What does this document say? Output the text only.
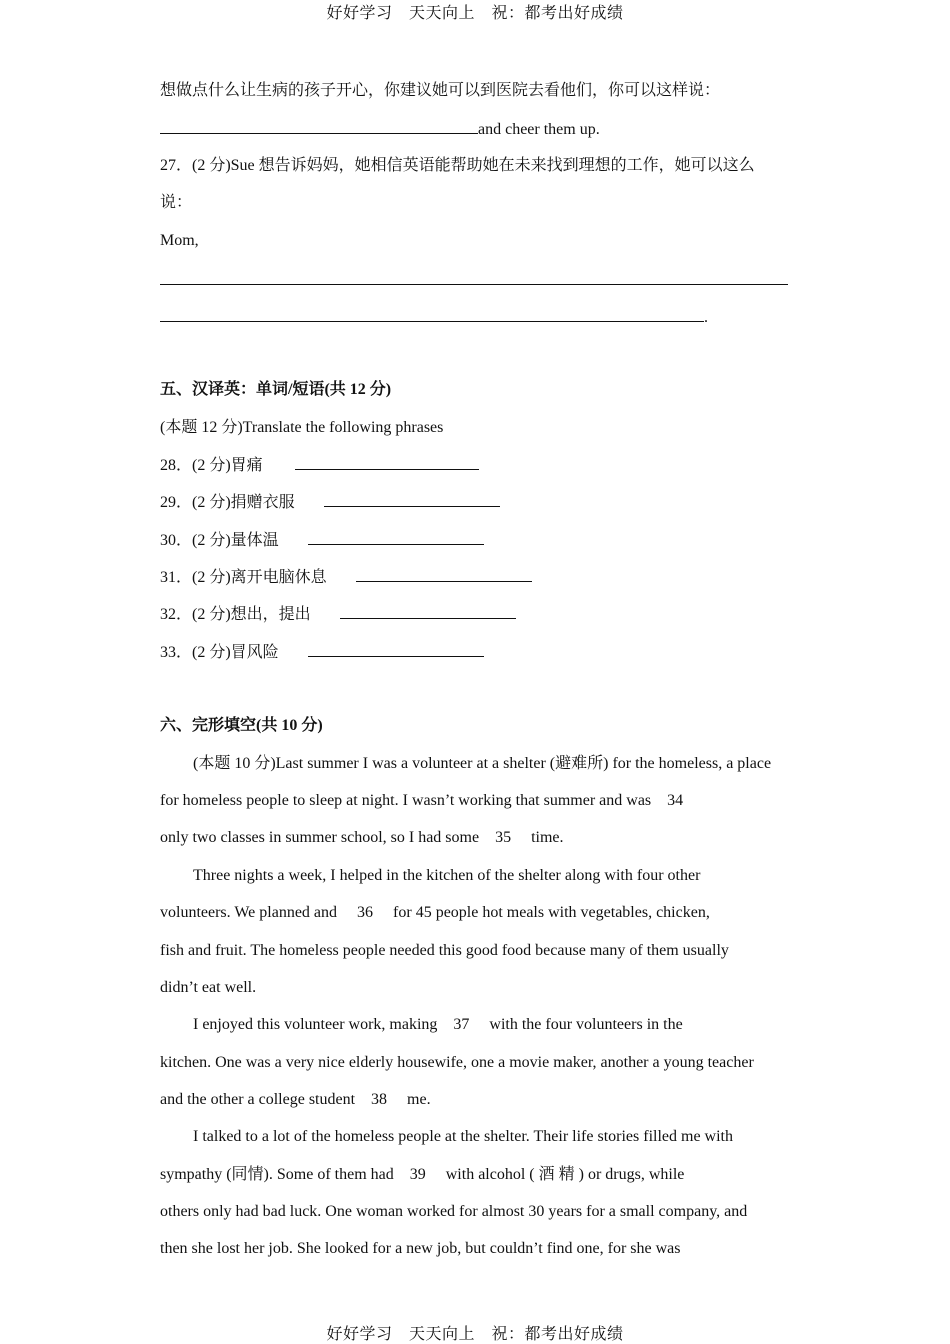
好好学习　天天向上　祝：都考出好成绩
想做点什么让生病的孩子开心，你建议她可以到医院去看他们，你可以这样说：
and cheer them up.
27．(2 分)Sue 想告诉妈妈，她相信英语能帮助她在未来找到理想的工作，她可以这么
说：
Mom,
.
五、汉译英：单词/短语(共 12 分)
(本题 12 分)Translate the following phrases
28．(2 分)胃痛
29．(2 分)捐赠衣服
30．(2 分)量体温
31．(2 分)离开电脑休息
32．(2 分)想出，提出
33．(2 分)冒风险
六、完形填空(共 10 分)
(本题 10 分)Last summer I was a volunteer at a shelter (避难所) for the homeless, a place
for homeless people to sleep at night. I wasn’t working that summer and was 34
only two classes in summer school, so I had some 35 time.
Three nights a week, I helped in the kitchen of the shelter along with four other
volunteers. We planned and 36 for 45 people hot meals with vegetables, chicken,
fish and fruit. The homeless people needed this good food because many of them usually
didn’t eat well.
I enjoyed this volunteer work, making 37 with the four volunteers in the
kitchen. One was a very nice elderly housewife, one a movie maker, another a young teacher
and the other a college student 38 me.
I talked to a lot of the homeless people at the shelter. Their life stories filled me with
sympathy (同情). Some of them had 39 with alcohol ( 酒 精 ) or drugs, while
others only had bad luck. One woman worked for almost 30 years for a small company, and
then she lost her job. She looked for a new job, but couldn’t find one, for she was
好好学习　天天向上　祝：都考出好成绩
